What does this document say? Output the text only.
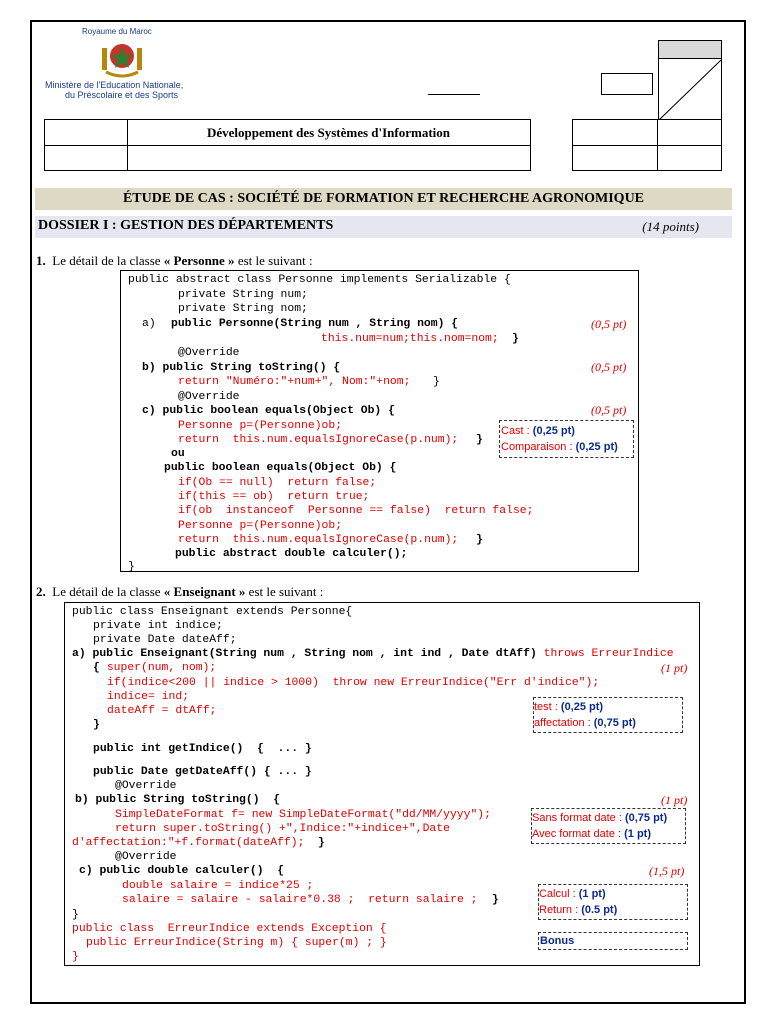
Royaume du Maroc
Ministère de l'Education Nationale,
du Préscolaire et des Sports
Développement des Systèmes d'Information
ÉTUDE DE CAS : SOCIÉTÉ DE FORMATION ET RECHERCHE AGRONOMIQUE
DOSSIER I : GESTION DES DÉPARTEMENTS	(14 points)
1. Le détail de la classe « Personne » est le suivant :
public abstract class Personne implements Serializable {
private String num;
private String nom;
a) public Personne(String num , String nom) {	(0,5 pt)
this.num=num;this.nom=nom; }
@Override
b) public String toString() {	(0,5 pt)
return "Numéro:"+num+", Nom:"+nom; }
@Override
c) public boolean equals(Object Ob) {	(0,5 pt)
Personne p=(Personne)ob;
return  this.num.equalsIgnoreCase(p.num); }
ou
public boolean equals(Object Ob) {
if(Ob == null)  return false;
if(this == ob)  return true;
if(ob  instanceof  Personne == false)  return false;
Personne p=(Personne)ob;
return  this.num.equalsIgnoreCase(p.num); }
public abstract double calculer();
}
Cast : (0,25 pt)
Comparaison : (0,25 pt)
2. Le détail de la classe « Enseignant » est le suivant :
public class Enseignant extends Personne{
private int indice;
private Date dateAff;
a) public Enseignant(String num , String nom , int ind , Date dtAff) throws ErreurIndice
{ super(num, nom);	(1 pt)
if(indice<200 || indice > 1000)  throw new ErreurIndice("Err d'indice");
indice= ind;
dateAff = dtAff;
}
public int getIndice()  {  ... }
public Date getDateAff() { ... }
@Override
b) public String toString()  {	(1 pt)
SimpleDateFormat f= new SimpleDateFormat("dd/MM/yyyy");
return super.toString() +",Indice:"+indice+",Date
d'affectation:"+f.format(dateAff); }
@Override
c) public double calculer()  {	(1,5 pt)
double salaire = indice*25 ;
salaire = salaire - salaire*0.38 ;  return salaire ; }
}
public class  ErreurIndice extends Exception {
public ErreurIndice(String m) { super(m) ; }
}
test : (0,25 pt)
affectation : (0,75 pt)
Sans format date : (0,75 pt)
Avec format date : (1 pt)
Calcul : (1 pt)
Return : (0.5 pt)
Bonus
